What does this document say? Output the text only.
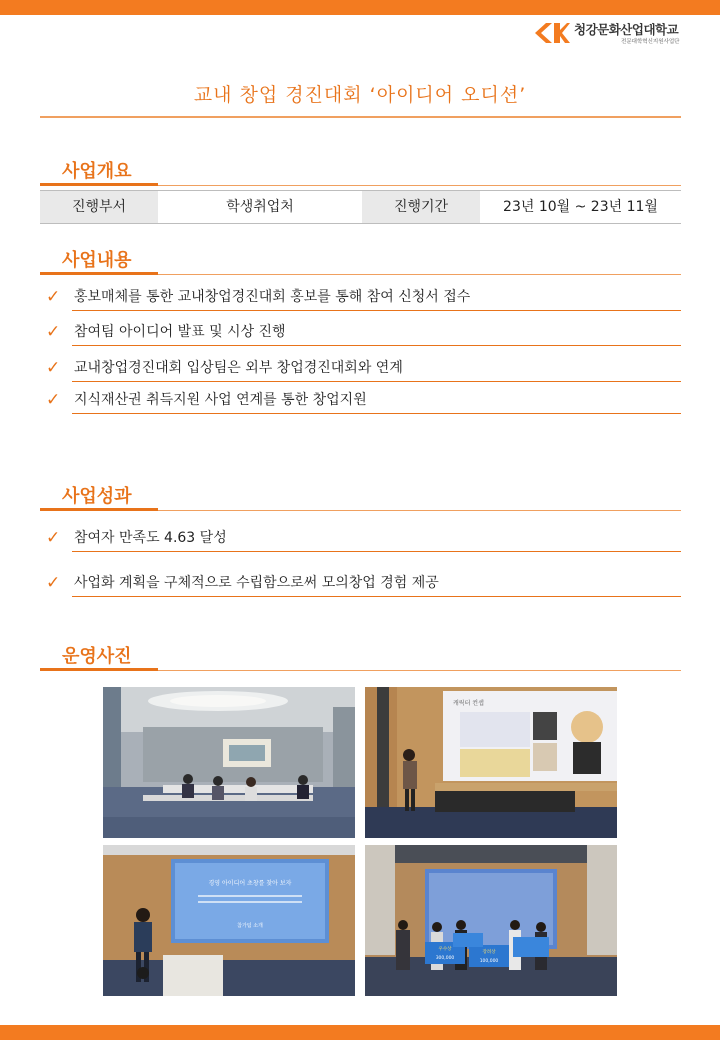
청강문화산업대학교
전문대학혁신지원사업단
교내 창업 경진대회 ‘아이디어 오디션’
사업개요
진행부서	학생취업처	진행기간	23년 10월 ~ 23년 11월
사업내용
✓ 홍보매체를 통한 교내창업경진대회 홍보를 통해 참여 신청서 접수
✓ 참여팀 아이디어 발표 및 시상 진행
✓ 교내창업경진대회 입상팀은 외부 창업경진대회와 연계
✓ 지식재산권 취득지원 사업 연계를 통한 창업지원
사업성과
✓ 참여자 만족도 4.63 달성
✓ 사업화 계획을 구체적으로 수립함으로써 모의창업 경험 제공
운영사진
캐릭터 컨셉
경영 아이디어 초창를 찾아 보자
참가팀 소개
우수상
300,000
장려상
100,000
